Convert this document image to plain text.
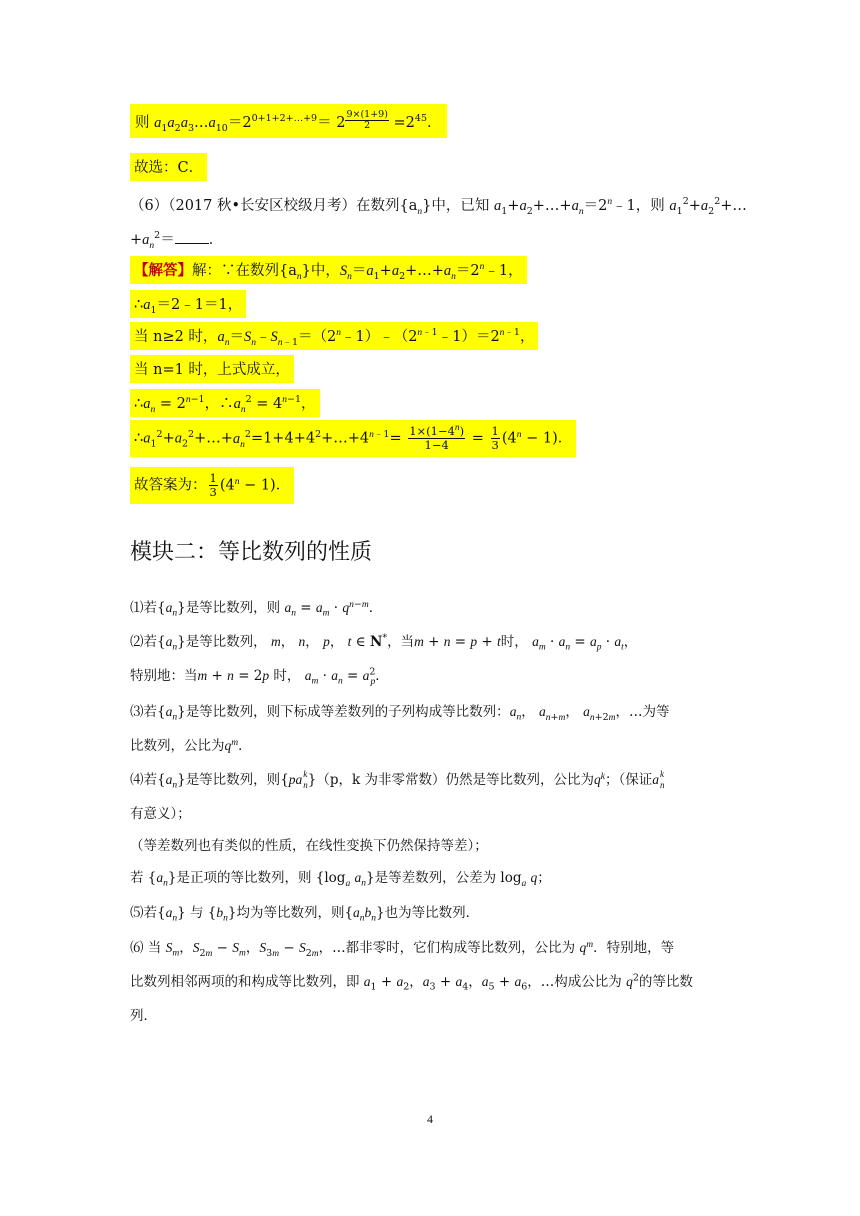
则 $a_1a_2a_3\dots a_{10}=2^{0+1+2+\dots+9}= 2 \frac{9\times(1+9)}{2} =2^{45}$．
故选：C．
（6）（2017 秋•长安区校级月考）在数列$\{a_n\}$中，已知 $a_1+a_2+\dots+a_n=2^n﹣1$，则 $a_1^2+a_2^2+\dots$
$+a_n^2=$ ．
【解答】解：∵在数列$\{a_n\}$中，$S_n=a_1+a_2+\dots+a_n=2^n﹣1$，
$\therefore a_1=2﹣1=1$，
当 n≥2 时，$a_n=S_n﹣S_{n﹣1}=(2^n﹣1)﹣(2^{n﹣1}﹣1)=2^{n﹣1}$，
当 n=1 时，上式成立，
$\therefore a_n = 2^{n-1}$，$\therefore a_n^2 = 4^{n-1}$，
$\therefore a_1^2+a_2^2+\dots+a_n^2=1+4+4^2+\dots+4^{n﹣1}= \frac{1\times(1-4^n)}{1-4} = \frac{1}{3} (4^n - 1)$．
故答案为： $\frac{1}{3} (4^n - 1)$．
模块二：等比数列的性质
⑴若$\{a_n\}$是等比数列，则 $a_n = a_m \cdot q^{n-m}$．
⑵若$\{a_n\}$是等比数列， m， n， p， t ∈ N*，当m + n = p + t时， $a_m \cdot a_n = a_p \cdot a_t$，
特别地：当m + n = 2p 时， $a_m \cdot a_n = a^2_p$．
⑶若$\{a_n\}$是等比数列，则下标成等差数列的子列构成等比数列：$a_n$， $a_{n+m}$， $a_{n+2m}$，…为等
比数列，公比为$q^m$．
⑷若$\{a_n\}$是等比数列，则{pa k
n }（p，k 为非零常数）仍然是等比数列，公比为$q^k$；（保证a k
n
有意义）；
（等差数列也有类似的性质，在线性变换下仍然保持等差）；
若 $\{a_n\}$是正项的等比数列，则 {$\log_a$ $a_n$}是等差数列，公差为 $\log_a q$；
⑸若$\{a_n\}$ 与 $\{b_n\}$均为等比数列，则$\{a_nb_n\}$也为等比数列．
⑹ 当 $S_m$，$S_{2m} - S_m$，$S_{3m} - S_{2m}$，…都非零时，它们构成等比数列，公比为 $q^m$．特别地，等
比数列相邻两项的和构成等比数列，即 $a_1 + a_2$，$a_3 + a_4$，$a_5 + a_6$，…构成公比为 $q^2$的等比数
列．
4
